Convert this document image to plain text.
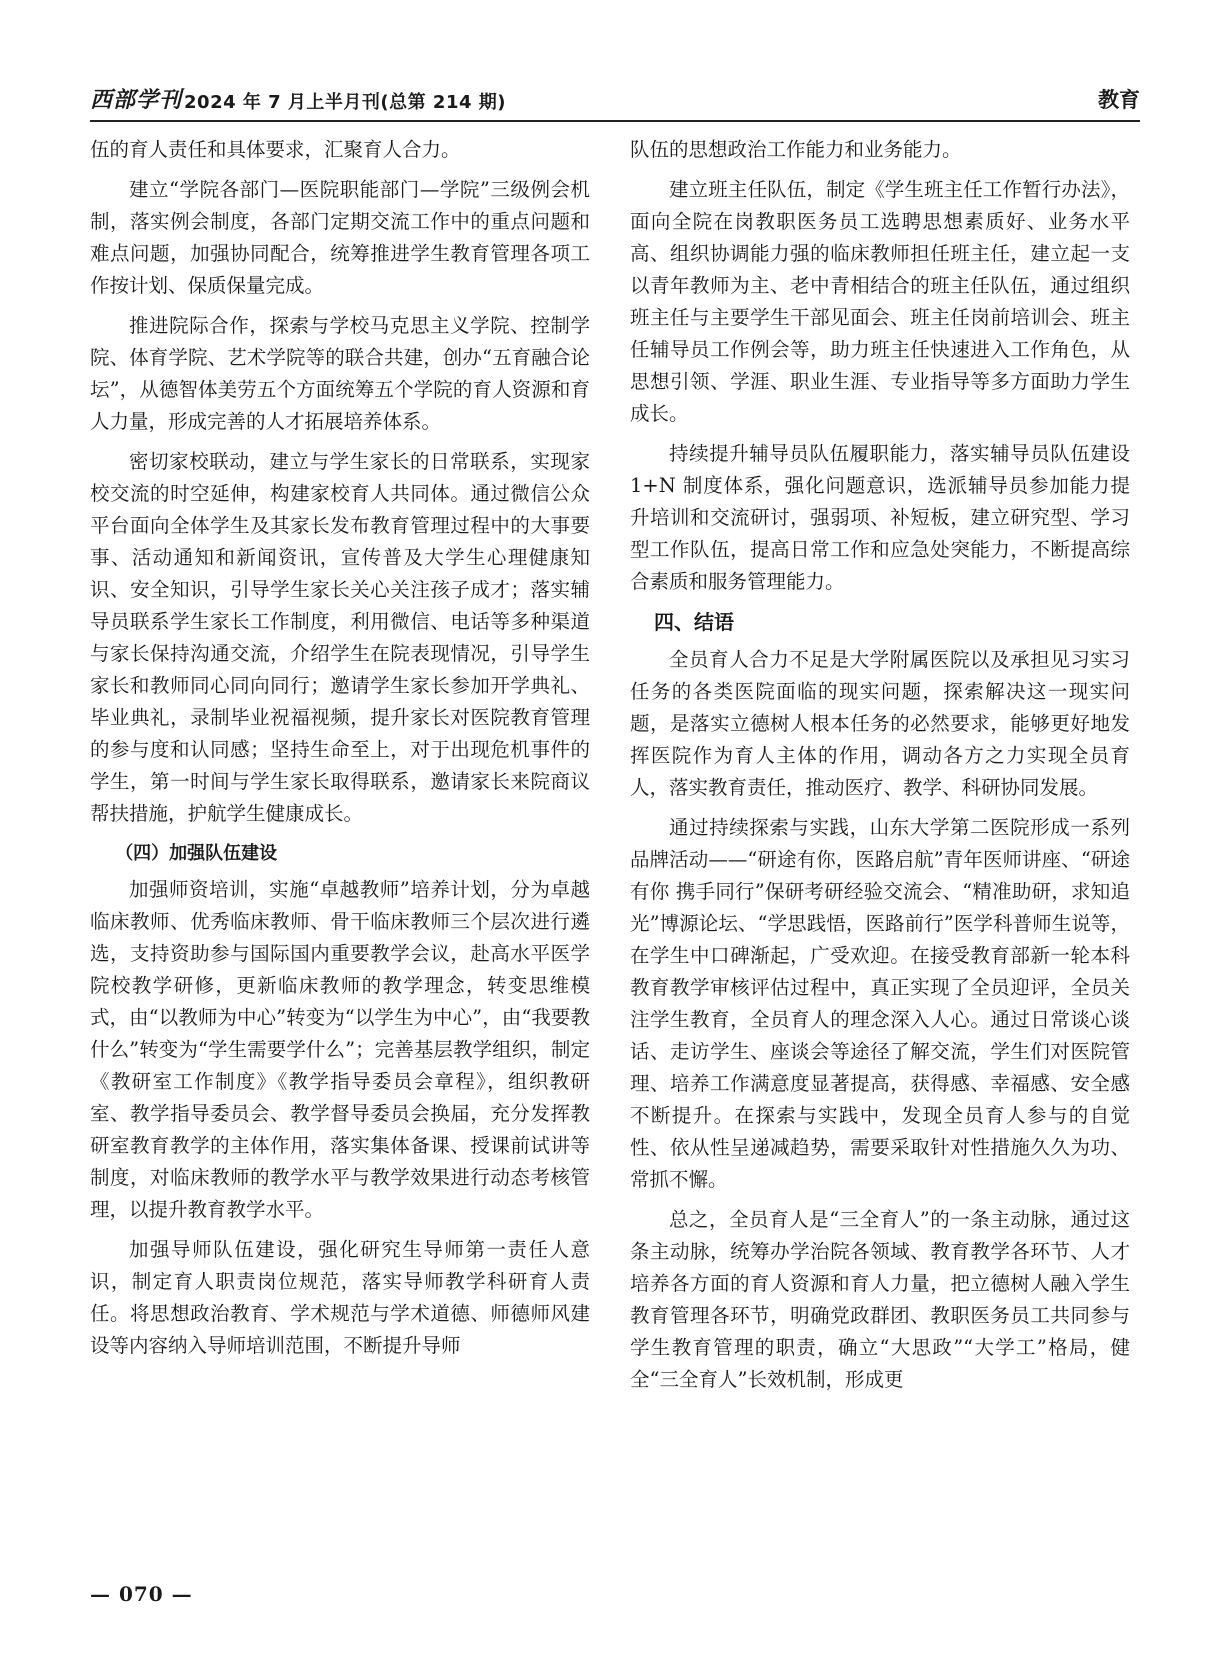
西部学刊 2024 年 7 月上半月刊(总第 214 期)	教育

伍的育人责任和具体要求，汇聚育人合力。

建立“学院各部门—医院职能部门—学院”三级例会机制，落实例会制度，各部门定期交流工作中的重点问题和难点问题，加强协同配合，统筹推进学生教育管理各项工作按计划、保质保量完成。

推进院际合作，探索与学校马克思主义学院、控制学院、体育学院、艺术学院等的联合共建，创办“五育融合论坛”，从德智体美劳五个方面统筹五个学院的育人资源和育人力量，形成完善的人才拓展培养体系。

密切家校联动，建立与学生家长的日常联系，实现家校交流的时空延伸，构建家校育人共同体。通过微信公众平台面向全体学生及其家长发布教育管理过程中的大事要事、活动通知和新闻资讯，宣传普及大学生心理健康知识、安全知识，引导学生家长关心关注孩子成才；落实辅导员联系学生家长工作制度，利用微信、电话等多种渠道与家长保持沟通交流，介绍学生在院表现情况，引导学生家长和教师同心同向同行；邀请学生家长参加开学典礼、毕业典礼，录制毕业祝福视频，提升家长对医院教育管理的参与度和认同感；坚持生命至上，对于出现危机事件的学生，第一时间与学生家长取得联系，邀请家长来院商议帮扶措施，护航学生健康成长。

（四）加强队伍建设

加强师资培训，实施“卓越教师”培养计划，分为卓越临床教师、优秀临床教师、骨干临床教师三个层次进行遴选，支持资助参与国际国内重要教学会议，赴高水平医学院校教学研修，更新临床教师的教学理念，转变思维模式，由“以教师为中心”转变为“以学生为中心”，由“我要教什么”转变为“学生需要学什么”；完善基层教学组织，制定《教研室工作制度》《教学指导委员会章程》，组织教研室、教学指导委员会、教学督导委员会换届，充分发挥教研室教育教学的主体作用，落实集体备课、授课前试讲等制度，对临床教师的教学水平与教学效果进行动态考核管理，以提升教育教学水平。

加强导师队伍建设，强化研究生导师第一责任人意识，制定育人职责岗位规范，落实导师教学科研育人责任。将思想政治教育、学术规范与学术道德、师德师风建设等内容纳入导师培训范围，不断提升导师

队伍的思想政治工作能力和业务能力。

建立班主任队伍，制定《学生班主任工作暂行办法》，面向全院在岗教职医务员工选聘思想素质好、业务水平高、组织协调能力强的临床教师担任班主任，建立起一支以青年教师为主、老中青相结合的班主任队伍，通过组织班主任与主要学生干部见面会、班主任岗前培训会、班主任辅导员工作例会等，助力班主任快速进入工作角色，从思想引领、学涯、职业生涯、专业指导等多方面助力学生成长。

持续提升辅导员队伍履职能力，落实辅导员队伍建设 1+N 制度体系，强化问题意识，选派辅导员参加能力提升培训和交流研讨，强弱项、补短板，建立研究型、学习型工作队伍，提高日常工作和应急处突能力，不断提高综合素质和服务管理能力。

四、结语

全员育人合力不足是大学附属医院以及承担见习实习任务的各类医院面临的现实问题，探索解决这一现实问题，是落实立德树人根本任务的必然要求，能够更好地发挥医院作为育人主体的作用，调动各方之力实现全员育人，落实教育责任，推动医疗、教学、科研协同发展。

通过持续探索与实践，山东大学第二医院形成一系列品牌活动——“研途有你，医路启航”青年医师讲座、“研途有你 携手同行”保研考研经验交流会、“精准助研，求知追光”博源论坛、“学思践悟，医路前行”医学科普师生说等，在学生中口碑渐起，广受欢迎。在接受教育部新一轮本科教育教学审核评估过程中，真正实现了全员迎评，全员关注学生教育，全员育人的理念深入人心。通过日常谈心谈话、走访学生、座谈会等途径了解交流，学生们对医院管理、培养工作满意度显著提高，获得感、幸福感、安全感不断提升。在探索与实践中，发现全员育人参与的自觉性、依从性呈递减趋势，需要采取针对性措施久久为功、常抓不懈。

总之，全员育人是“三全育人”的一条主动脉，通过这条主动脉，统筹办学治院各领域、教育教学各环节、人才培养各方面的育人资源和育人力量，把立德树人融入学生教育管理各环节，明确党政群团、教职医务员工共同参与学生教育管理的职责，确立“大思政”“大学工”格局，健全“三全育人”长效机制，形成更

— 070 —
